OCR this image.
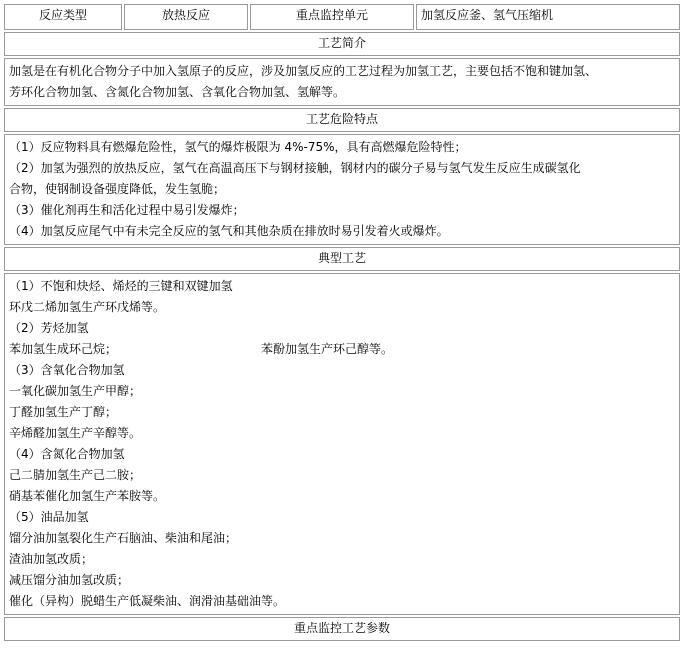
反应类型	放热反应	重点监控单元	加氢反应釜、氢气压缩机
工艺简介

加氢是在有机化合物分子中加入氢原子的反应，涉及加氢反应的工艺过程为加氢工艺，主要包括不饱和键加氢、
芳环化合物加氢、含氮化合物加氢、含氧化合物加氢、氢解等。

工艺危险特点

（1）反应物料具有燃爆危险性，氢气的爆炸极限为 4%-75%，具有高燃爆危险特性；
（2）加氢为强烈的放热反应，氢气在高温高压下与钢材接触，钢材内的碳分子易与氢气发生反应生成碳氢化
合物，使钢制设备强度降低，发生氢脆；
（3）催化剂再生和活化过程中易引发爆炸；
（4）加氢反应尾气中有未完全反应的氢气和其他杂质在排放时易引发着火或爆炸。

典型工艺

（1）不饱和炔烃、烯烃的三键和双键加氢
环戊二烯加氢生产环戊烯等。
（2）芳烃加氢
苯加氢生成环己烷；	苯酚加氢生产环己醇等。
（3）含氧化合物加氢
一氧化碳加氢生产甲醇；
丁醛加氢生产丁醇；
辛烯醛加氢生产辛醇等。
（4）含氮化合物加氢
己二腈加氢生产己二胺；
硝基苯催化加氢生产苯胺等。
（5）油品加氢
馏分油加氢裂化生产石脑油、柴油和尾油；
渣油加氢改质；
减压馏分油加氢改质；
催化（异构）脱蜡生产低凝柴油、润滑油基础油等。

重点监控工艺参数
